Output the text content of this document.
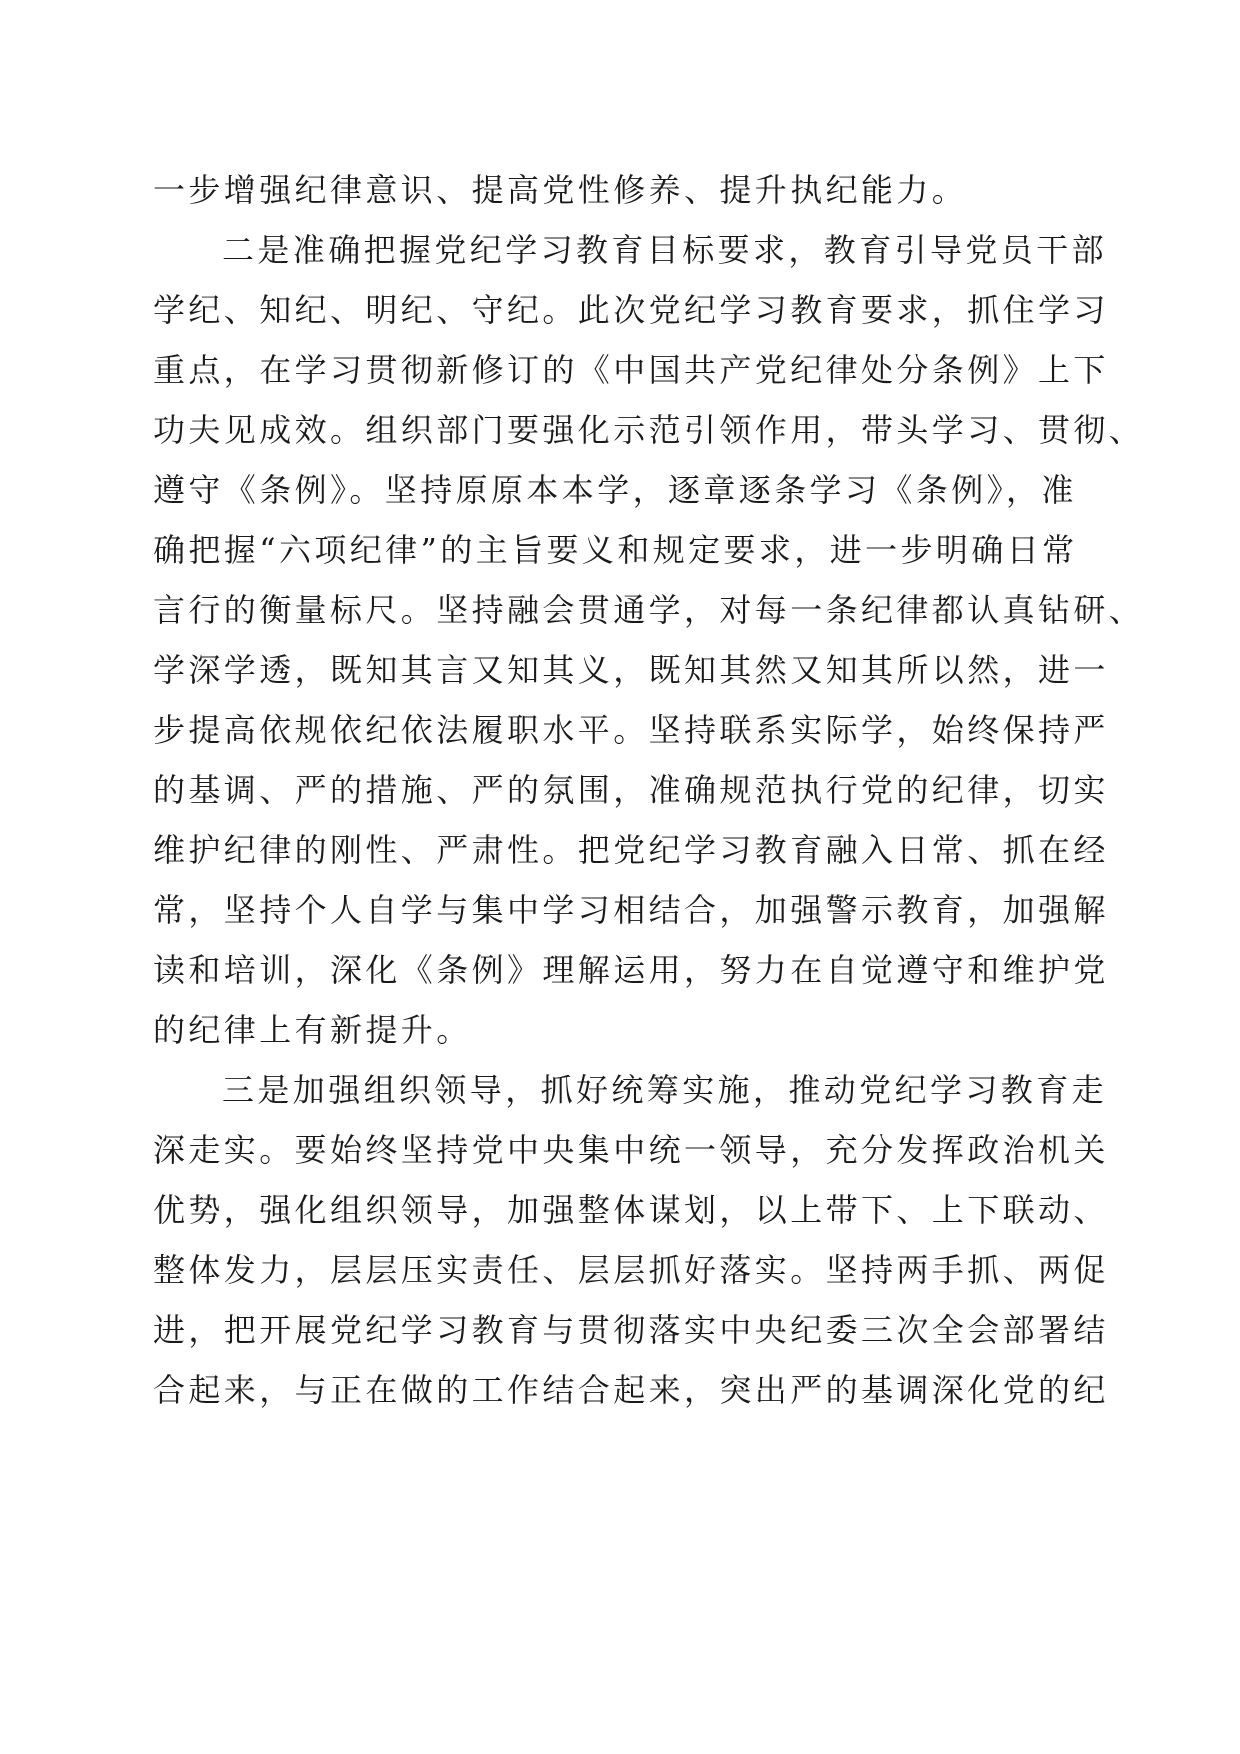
一步增强纪律意识、提高党性修养、提升执纪能力。
二是准确把握党纪学习教育目标要求，教育引导党员干部
学纪、知纪、明纪、守纪。此次党纪学习教育要求，抓住学习
重点，在学习贯彻新修订的《中国共产党纪律处分条例》上下
功夫见成效。组织部门要强化示范引领作用，带头学习、贯彻、
遵守《条例》。坚持原原本本学，逐章逐条学习《条例》，准
确把握“六项纪律”的主旨要义和规定要求，进一步明确日常
言行的衡量标尺。坚持融会贯通学，对每一条纪律都认真钻研、
学深学透，既知其言又知其义，既知其然又知其所以然，进一
步提高依规依纪依法履职水平。坚持联系实际学，始终保持严
的基调、严的措施、严的氛围，准确规范执行党的纪律，切实
维护纪律的刚性、严肃性。把党纪学习教育融入日常、抓在经
常，坚持个人自学与集中学习相结合，加强警示教育，加强解
读和培训，深化《条例》理解运用，努力在自觉遵守和维护党
的纪律上有新提升。
三是加强组织领导，抓好统筹实施，推动党纪学习教育走
深走实。要始终坚持党中央集中统一领导，充分发挥政治机关
优势，强化组织领导，加强整体谋划，以上带下、上下联动、
整体发力，层层压实责任、层层抓好落实。坚持两手抓、两促
进，把开展党纪学习教育与贯彻落实中央纪委三次全会部署结
合起来，与正在做的工作结合起来，突出严的基调深化党的纪
